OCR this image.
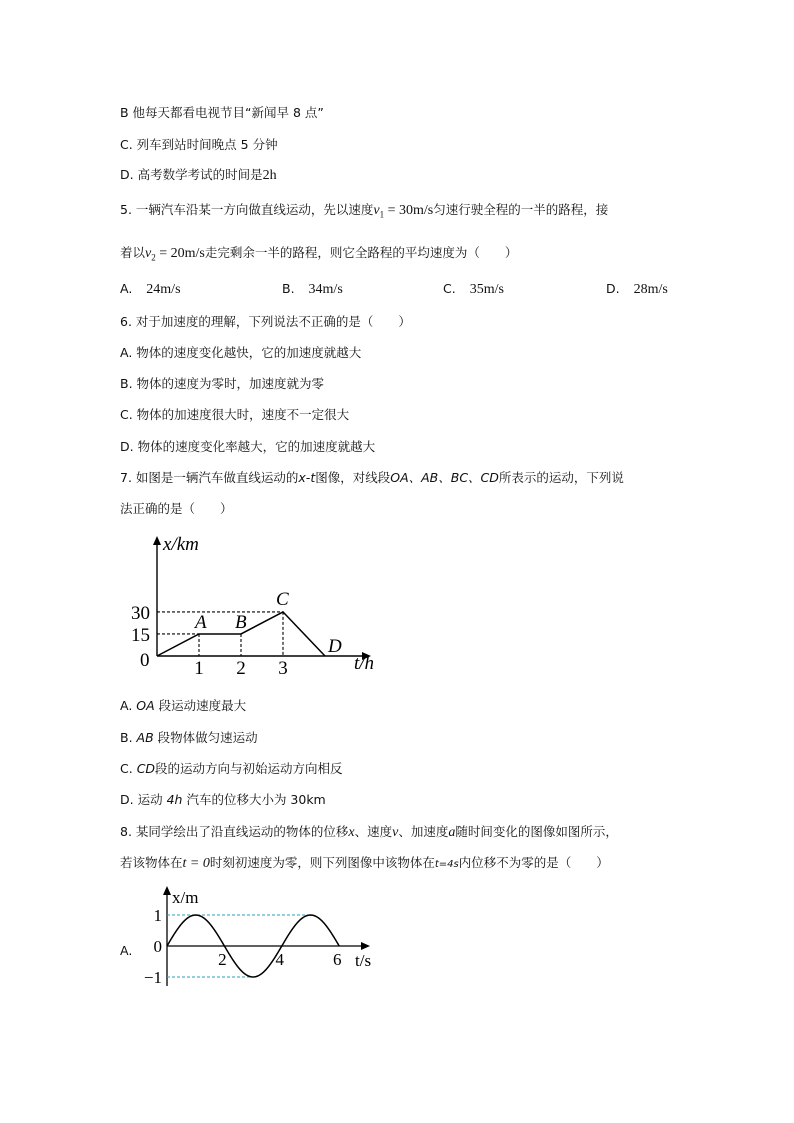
B 他每天都看电视节目“新闻早 8 点”
C. 列车到站时间晚点 5 分钟
D. 高考数学考试的时间是2h
5. 一辆汽车沿某一方向做直线运动，先以速度$v_1 = 30m/s$匀速行驶全程的一半的路程，接
着以$v_2 = 20m/s$走完剩余一半的路程，则它全路程的平均速度为（　　）
A. 24m/s	B. 34m/s	C. 35m/s	D. 28m/s
6. 对于加速度的理解，下列说法不正确的是（　　）
A. 物体的速度变化越快，它的加速度就越大
B. 物体的速度为零时，加速度就为零
C. 物体的加速度很大时，速度不一定很大
D. 物体的速度变化率越大，它的加速度就越大
7. 如图是一辆汽车做直线运动的x-t图像，对线段OA、AB、BC、CD所表示的运动，下列说
法正确的是（　　）
x/km
t/h
0 1 2 3
15
30 A B
C
D
A. OA 段运动速度最大
B. AB 段物体做匀速运动
C. CD段的运动方向与初始运动方向相反
D. 运动 4h 汽车的位移大小为 30km
8. 某同学绘出了沿直线运动的物体的位移x、速度v、加速度a随时间变化的图像如图所示，
若该物体在t = 0时刻初速度为零，则下列图像中该物体在t=4s内位移不为零的是（　　）
A.
x/m
t/s
1
0
−1
2	4	6
